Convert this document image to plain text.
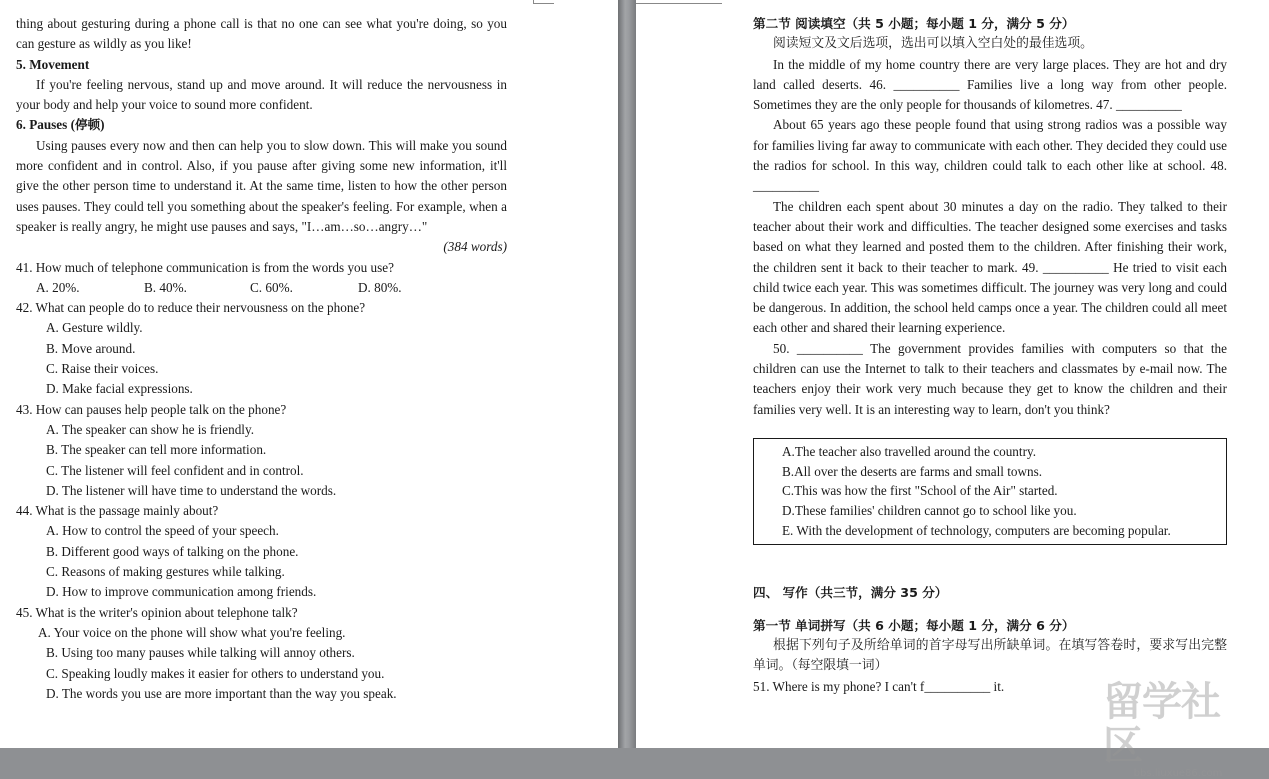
thing about gesturing during a phone call is that no one can see what you're doing, so you can gesture as wildly as you like!

5. Movement

If you're feeling nervous, stand up and move around. It will reduce the nervousness in your body and help your voice to sound more confident.

6. Pauses (停顿)

Using pauses every now and then can help you to slow down. This will make you sound more confident and in control. Also, if you pause after giving some new information, it'll give the other person time to understand it. At the same time, listen to how the other person uses pauses. They could tell you something about the speaker's feeling. For example, when a speaker is really angry, he might use pauses and says, "I…am…so…angry…"

(384 words)

41. How much of telephone communication is from the words you use?

A. 20%.	B. 40%.	C. 60%.	D. 80%.

42. What can people do to reduce their nervousness on the phone?

A. Gesture wildly.

B. Move around.

C. Raise their voices.

D. Make facial expressions.

43. How can pauses help people talk on the phone?

A. The speaker can show he is friendly.

B. The speaker can tell more information.

C. The listener will feel confident and in control.

D. The listener will have time to understand the words.

44. What is the passage mainly about?

A. How to control the speed of your speech.

B. Different good ways of talking on the phone.

C. Reasons of making gestures while talking.

D. How to improve communication among friends.

45. What is the writer's opinion about telephone talk?

A. Your voice on the phone will show what you're feeling.

B. Using too many pauses while talking will annoy others.

C. Speaking loudly makes it easier for others to understand you.

D. The words you use are more important than the way you speak.

第二节 阅读填空（共 5 小题；每小题 1 分，满分 5 分）

阅读短文及文后选项，选出可以填入空白处的最佳选项。

In the middle of my home country there are very large places. They are hot and dry land called deserts. 46. __________ Families live a long way from other people. Sometimes they are the only people for thousands of kilometres. 47. __________

About 65 years ago these people found that using strong radios was a possible way for families living far away to communicate with each other. They decided they could use the radios for school. In this way, children could talk to each other like at school. 48. __________

The children each spent about 30 minutes a day on the radio. They talked to their teacher about their work and difficulties. The teacher designed some exercises and tasks based on what they learned and posted them to the children. After finishing their work, the children sent it back to their teacher to mark. 49. __________ He tried to visit each child twice each year. This was sometimes difficult. The journey was very long and could be dangerous. In addition, the school held camps once a year. The children could all meet each other and shared their learning experience.

50. __________ The government provides families with computers so that the children can use the Internet to talk to their teachers and classmates by e-mail now. The teachers enjoy their work very much because they get to know the children and their families very well. It is an interesting way to learn, don't you think?

A.The teacher also travelled around the country.

B.All over the deserts are farms and small towns.

C.This was how the first "School of the Air" started.

D.These families' children cannot go to school like you.

E. With the development of technology, computers are becoming popular.

四、 写作（共三节，满分 35 分）

第一节 单词拼写（共 6 小题；每小题 1 分，满分 6 分）

根据下列句子及所给单词的首字母写出所缺单词。在填写答卷时，要求写出完整单词。（每空限填一词）

51. Where is my phone? I can't f__________ it.	留学社区
bbs.liuxue86.com
